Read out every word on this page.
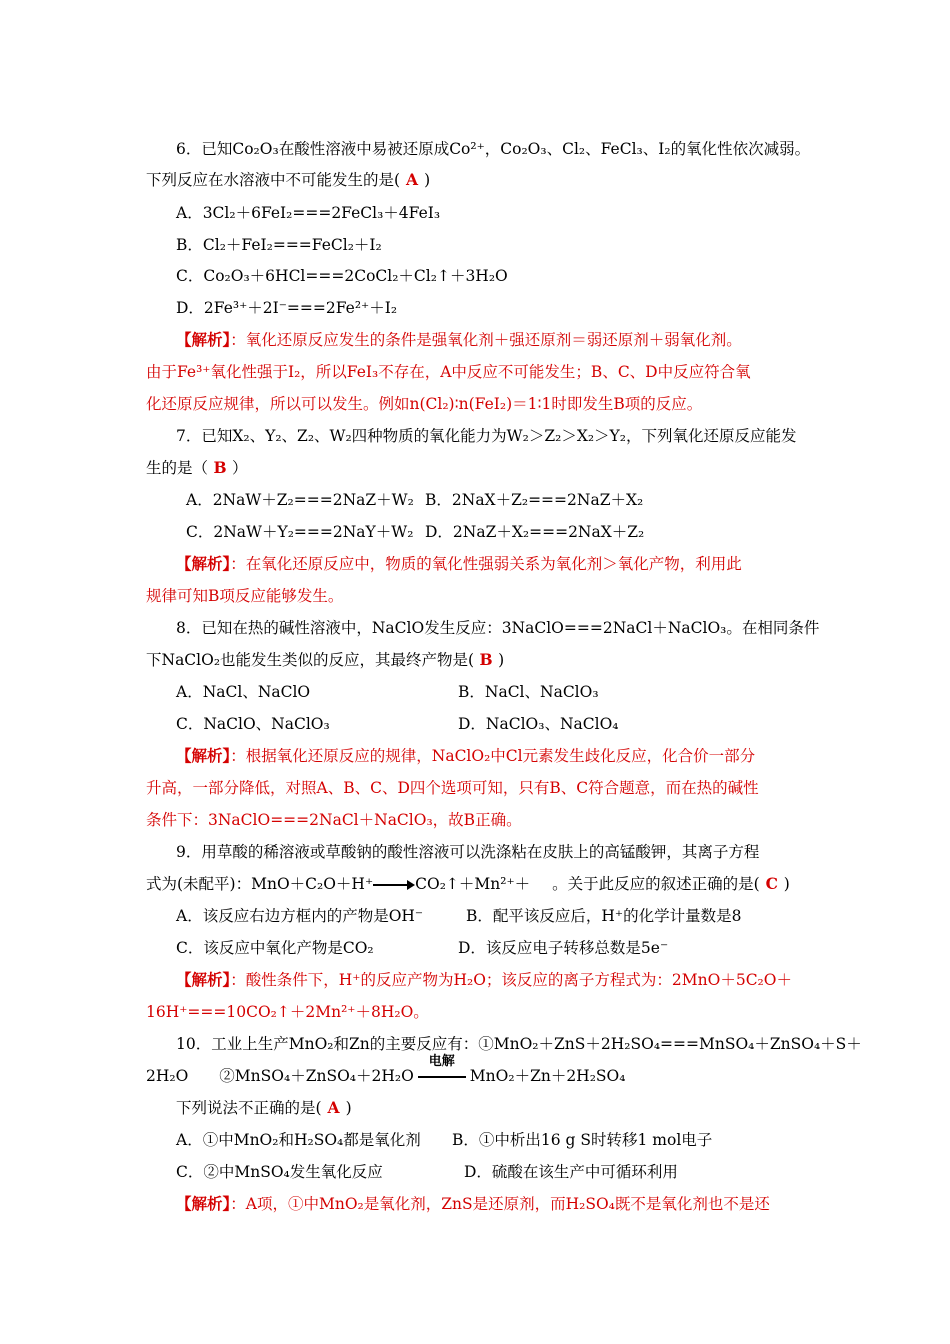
6．已知Co₂O₃在酸性溶液中易被还原成Co²⁺，Co₂O₃、Cl₂、FeCl₃、I₂的氧化性依次减弱。
下列反应在水溶液中不可能发生的是( A )
A．3Cl₂＋6FeI₂===2FeCl₃＋4FeI₃
B．Cl₂＋FeI₂===FeCl₂＋I₂
C．Co₂O₃＋6HCl===2CoCl₂＋Cl₂↑＋3H₂O
D．2Fe³⁺＋2I⁻===2Fe²⁺＋I₂
【解析】：氧化还原反应发生的条件是强氧化剂＋强还原剂＝弱还原剂＋弱氧化剂。
由于Fe³⁺氧化性强于I₂，所以FeI₃不存在，A中反应不可能发生；B、C、D中反应符合氧
化还原反应规律，所以可以发生。例如n(Cl₂)∶n(FeI₂)＝1∶1时即发生B项的反应。
7．已知X₂、Y₂、Z₂、W₂四种物质的氧化能力为W₂＞Z₂＞X₂＞Y₂，下列氧化还原反应能发
生的是（ B ）
A．2NaW＋Z₂===2NaZ＋W₂ B．2NaX＋Z₂===2NaZ＋X₂
C．2NaW＋Y₂===2NaY＋W₂ D．2NaZ＋X₂===2NaX＋Z₂
【解析】：在氧化还原反应中，物质的氧化性强弱关系为氧化剂＞氧化产物，利用此
规律可知B项反应能够发生。
8．已知在热的碱性溶液中，NaClO发生反应：3NaClO===2NaCl＋NaClO₃。在相同条件
下NaClO₂也能发生类似的反应，其最终产物是( B )
A．NaCl、NaClO	B．NaCl、NaClO₃
C．NaClO、NaClO₃	D．NaClO₃、NaClO₄
【解析】：根据氧化还原反应的规律，NaClO₂中Cl元素发生歧化反应，化合价一部分
升高，一部分降低，对照A、B、C、D四个选项可知，只有B、C符合题意，而在热的碱性
条件下：3NaClO===2NaCl＋NaClO₃，故B正确。
9．用草酸的稀溶液或草酸钠的酸性溶液可以洗涤粘在皮肤上的高锰酸钾，其离子方程
式为(未配平)：MnO＋C₂O＋H⁺	CO₂↑＋Mn²⁺＋ 。关于此反应的叙述正确的是( C )
A．该反应右边方框内的产物是OH⁻	B．配平该反应后，H⁺的化学计量数是8
C．该反应中氧化产物是CO₂	D．该反应电子转移总数是5e⁻
【解析】：酸性条件下，H⁺的反应产物为H₂O；该反应的离子方程式为：2MnO＋5C₂O＋
16H⁺===10CO₂↑＋2Mn²⁺＋8H₂O。
10．工业上生产MnO₂和Zn的主要反应有：①MnO₂＋ZnS＋2H₂SO₄===MnSO₄＋ZnSO₄＋S＋
2H₂O　　②MnSO₄＋ZnSO₄＋2H₂O
电解
MnO₂＋Zn＋2H₂SO₄
下列说法不正确的是( A )
A．①中MnO₂和H₂SO₄都是氧化剂 B．①中析出16 g S时转移1 mol电子
C．②中MnSO₄发生氧化反应	D．硫酸在该生产中可循环利用
【解析】：A项，①中MnO₂是氧化剂，ZnS是还原剂，而H₂SO₄既不是氧化剂也不是还
